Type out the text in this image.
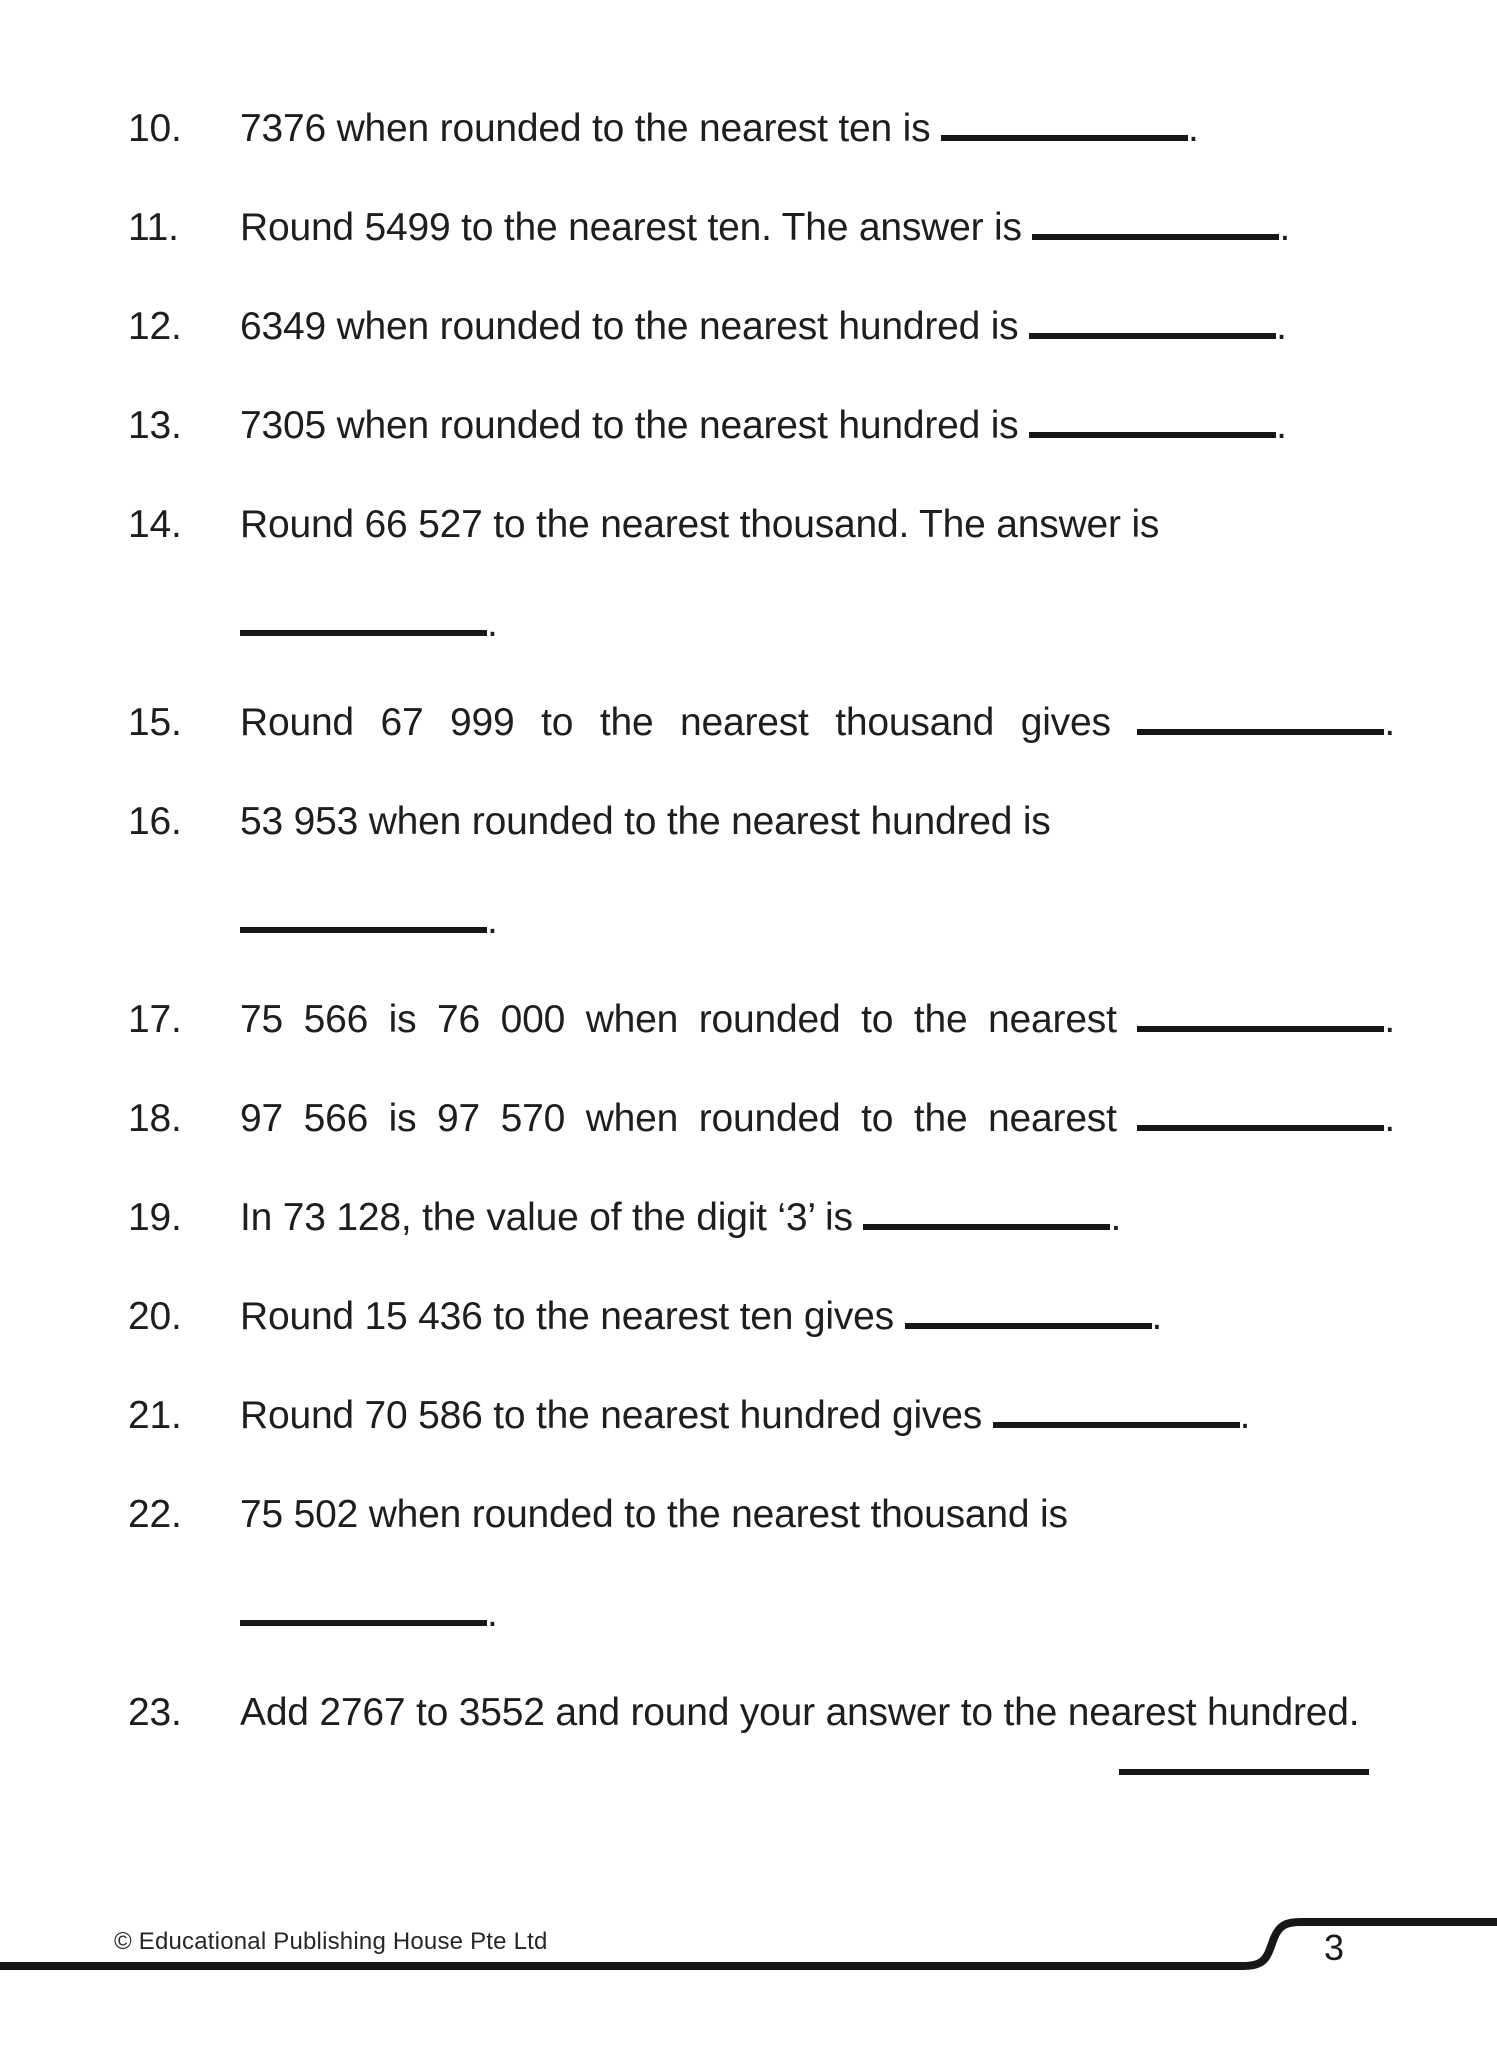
10.	7376 when rounded to the nearest ten is	.
11.	Round 5499 to the nearest ten. The answer is	.
12.	6349 when rounded to the nearest hundred is	.
13.	7305 when rounded to the nearest hundred is	.
14.	Round 66 527 to the nearest thousand. The answer is
.
15.	Round 67 999 to the nearest thousand gives	.
16.	53 953 when rounded to the nearest hundred is
.
17.	75 566 is 76 000 when rounded to the nearest	.
18.	97 566 is 97 570 when rounded to the nearest	.
19.	In 73 128, the value of the digit ‘3’ is	.
20.	Round 15 436 to the nearest ten gives	.
21.	Round 70 586 to the nearest hundred gives	.
22.	75 502 when rounded to the nearest thousand is
.
23.	Add 2767 to 3552 and round your answer to the nearest hundred.
© Educational Publishing House Pte Ltd	3
